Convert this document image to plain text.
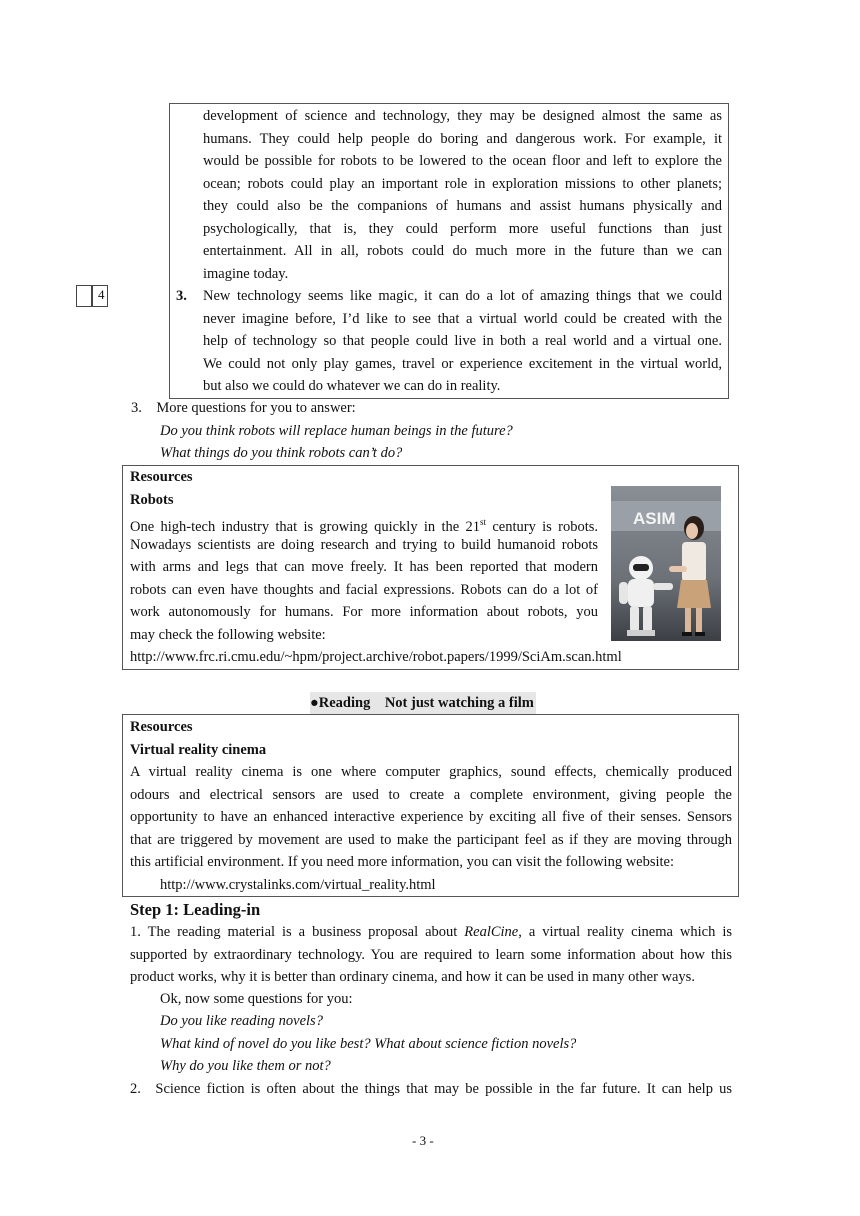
development of science and technology, they may be designed almost the same as
humans. They could help people do boring and dangerous work. For example, it
would be possible for robots to be lowered to the ocean floor and left to explore the
ocean; robots could play an important role in exploration missions to other planets;
they could also be the companions of humans and assist humans physically and
psychologically, that is, they could perform more useful functions than just
entertainment. All in all, robots could do much more in the future than we can
imagine today.
New technology seems like magic, it can do a lot of amazing things that we could
never imagine before, I’d like to see that a virtual world could be created with the
help of technology so that people could live in both a real world and a virtual one.
We could not only play games, travel or experience excitement in the virtual world,
but also we could do whatever we can do in reality.
3.
4
3. More questions for you to answer:
Do you think robots will replace human beings in the future?
What things do you think robots can’t do?
Resources
Robots
One high-tech industry that is growing quickly in the 21st century is robots.
Nowadays scientists are doing research and trying to build humanoid robots
with arms and legs that can move freely. It has been reported that modern
robots can even have thoughts and facial expressions. Robots can do a lot of
work autonomously for humans. For more information about robots, you
may check the following website:
http://www.frc.ri.cmu.edu/~hpm/project.archive/robot.papers/1999/SciAm.scan.html
ASIM
●Reading Not just watching a film
Resources
Virtual reality cinema
A virtual reality cinema is one where computer graphics, sound effects, chemically produced
odours and electrical sensors are used to create a complete environment, giving people the
opportunity to have an enhanced interactive experience by exciting all five of their senses. Sensors
that are triggered by movement are used to make the participant feel as if they are moving through
this artificial environment. If you need more information, you can visit the following website:
http://www.crystalinks.com/virtual_reality.html
Step 1: Leading-in
1. The reading material is a business proposal about RealCine, a virtual reality cinema which is
supported by extraordinary technology. You are required to learn some information about how this
product works, why it is better than ordinary cinema, and how it can be used in many other ways.
Ok, now some questions for you:
Do you like reading novels?
What kind of novel do you like best? What about science fiction novels?
Why do you like them or not?
2. Science fiction is often about the things that may be possible in the far future. It can help us
- 3 -
